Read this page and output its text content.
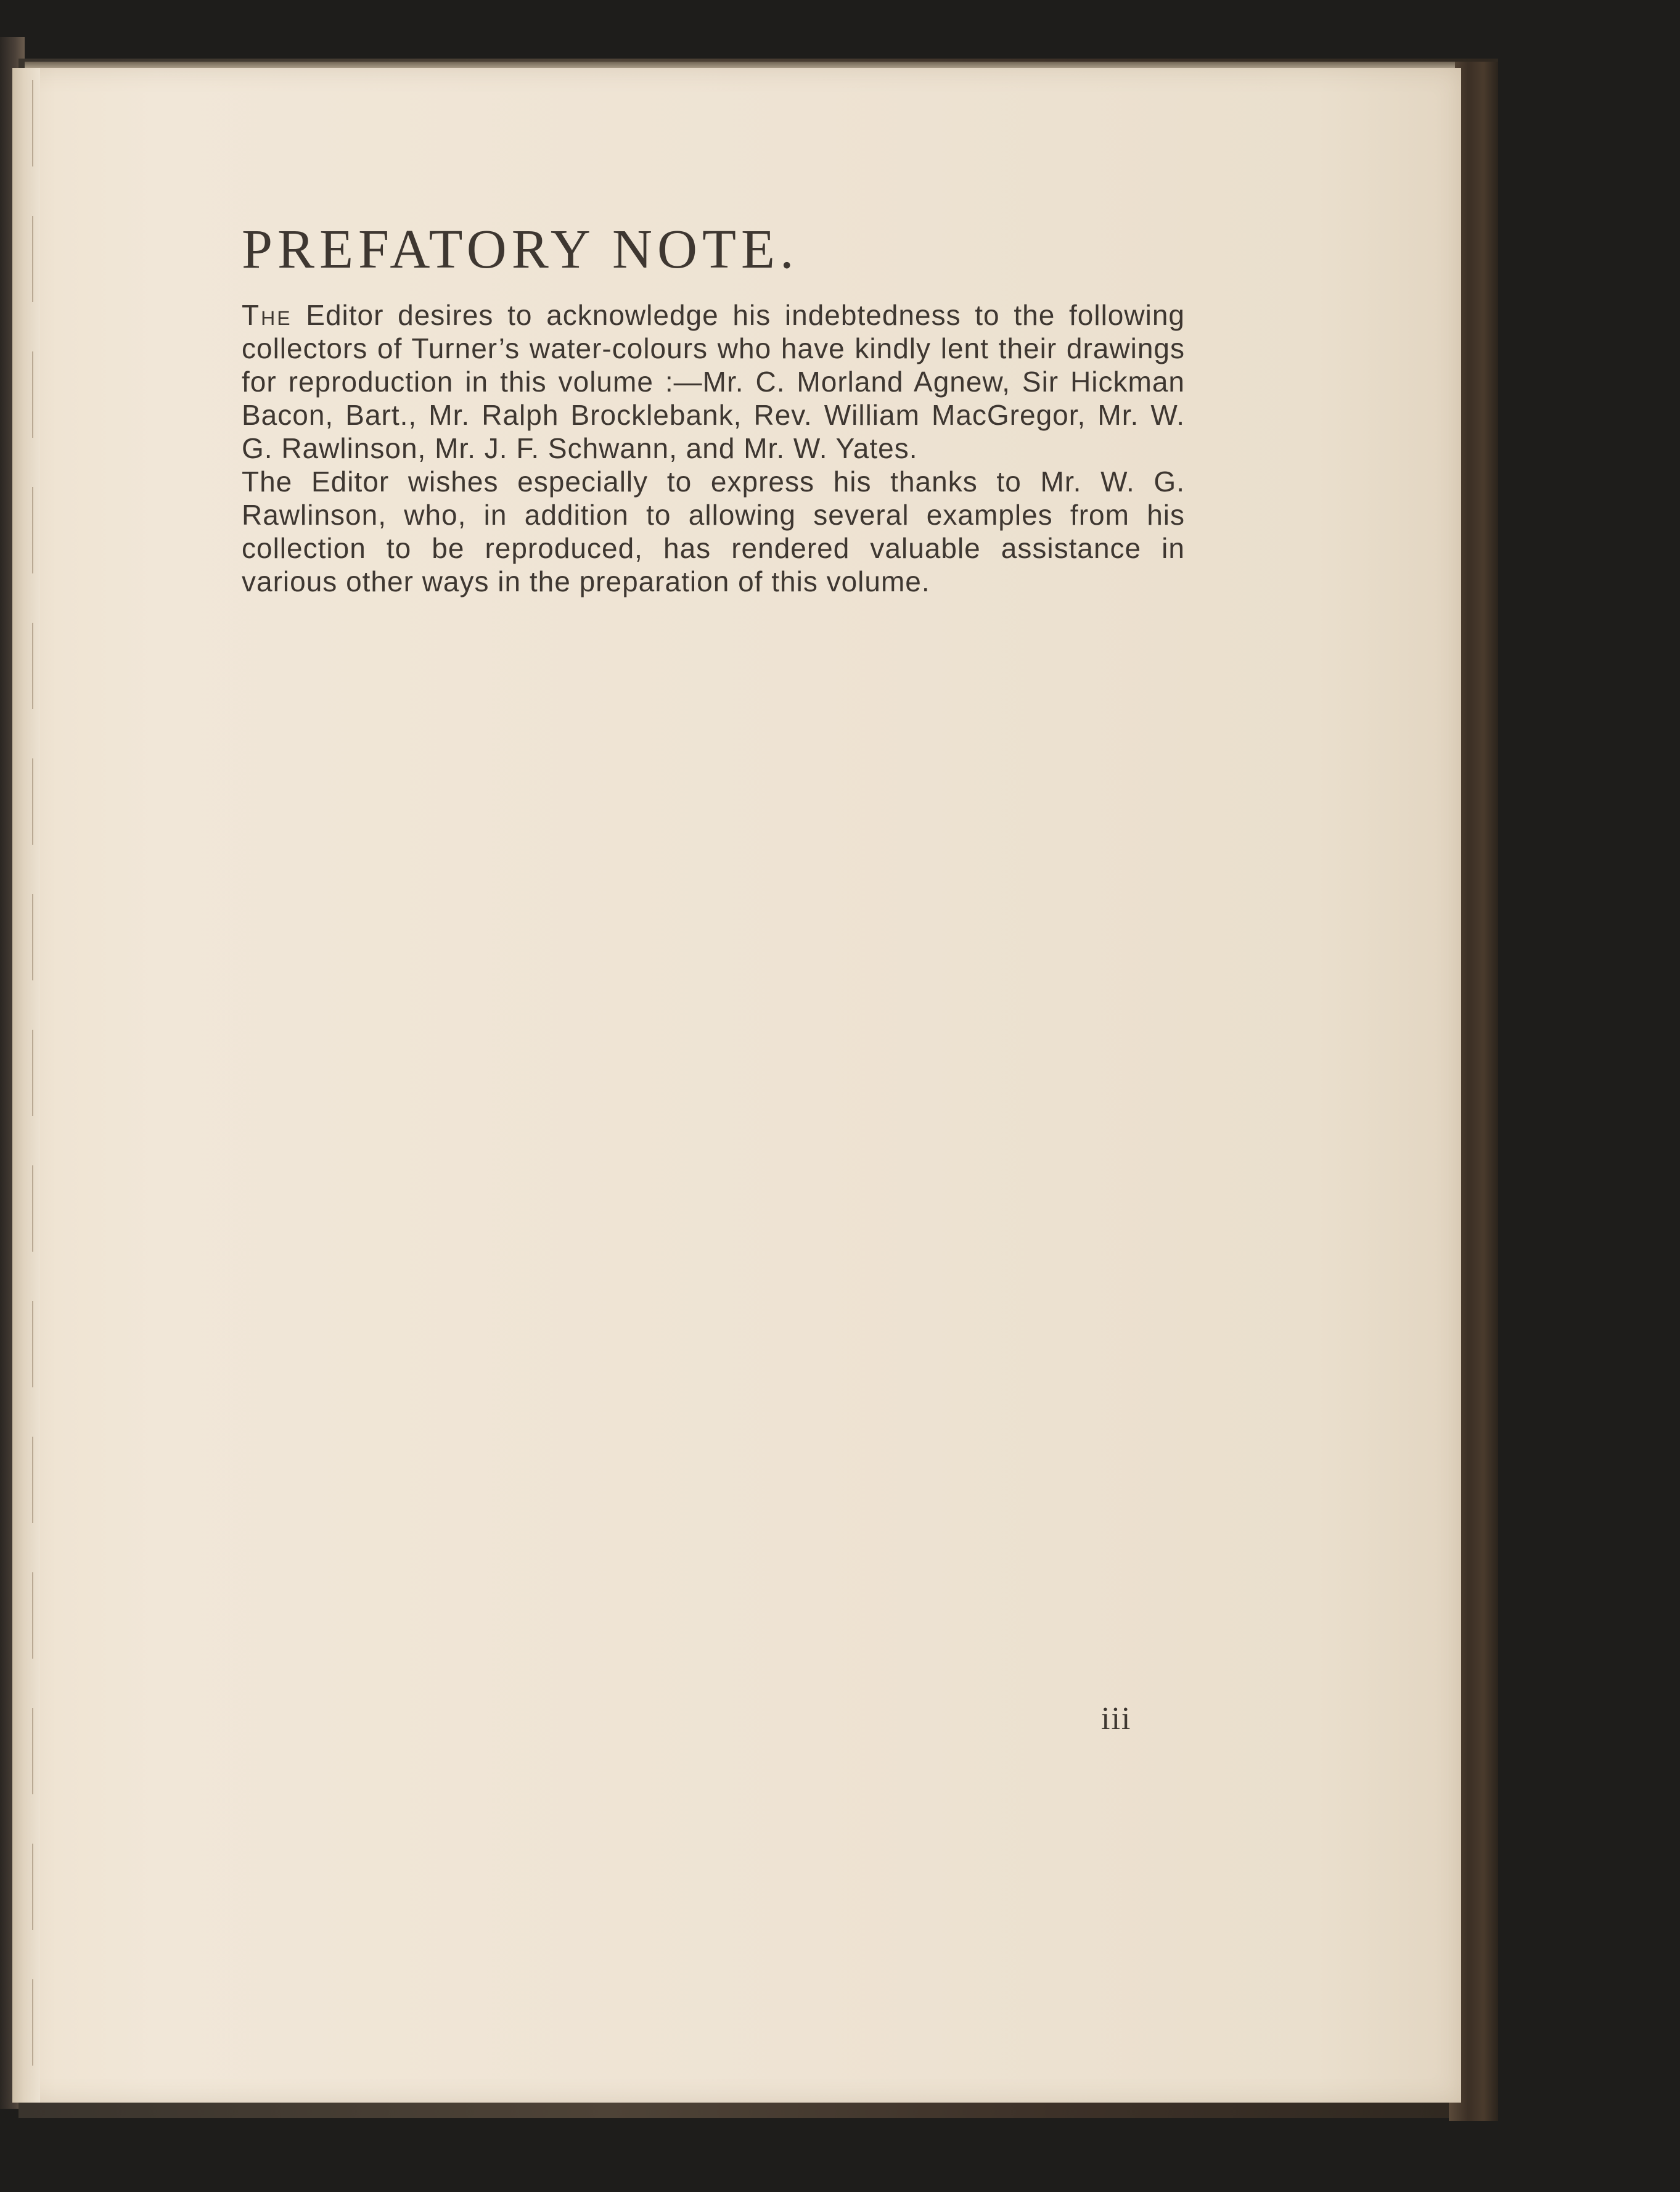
PREFATORY NOTE.

The Editor desires to acknowledge his indebtedness to the following collectors of Turner’s water-colours who have kindly lent their drawings for reproduction in this volume :—Mr. C. Morland Agnew, Sir Hickman Bacon, Bart., Mr. Ralph Brocklebank, Rev. William MacGregor, Mr. W. G. Rawlinson, Mr. J. F. Schwann, and Mr. W. Yates.

The Editor wishes especially to express his thanks to Mr. W. G. Rawlinson, who, in addition to allowing several examples from his collection to be reproduced, has rendered valuable assistance in various other ways in the preparation of this volume.

iii
